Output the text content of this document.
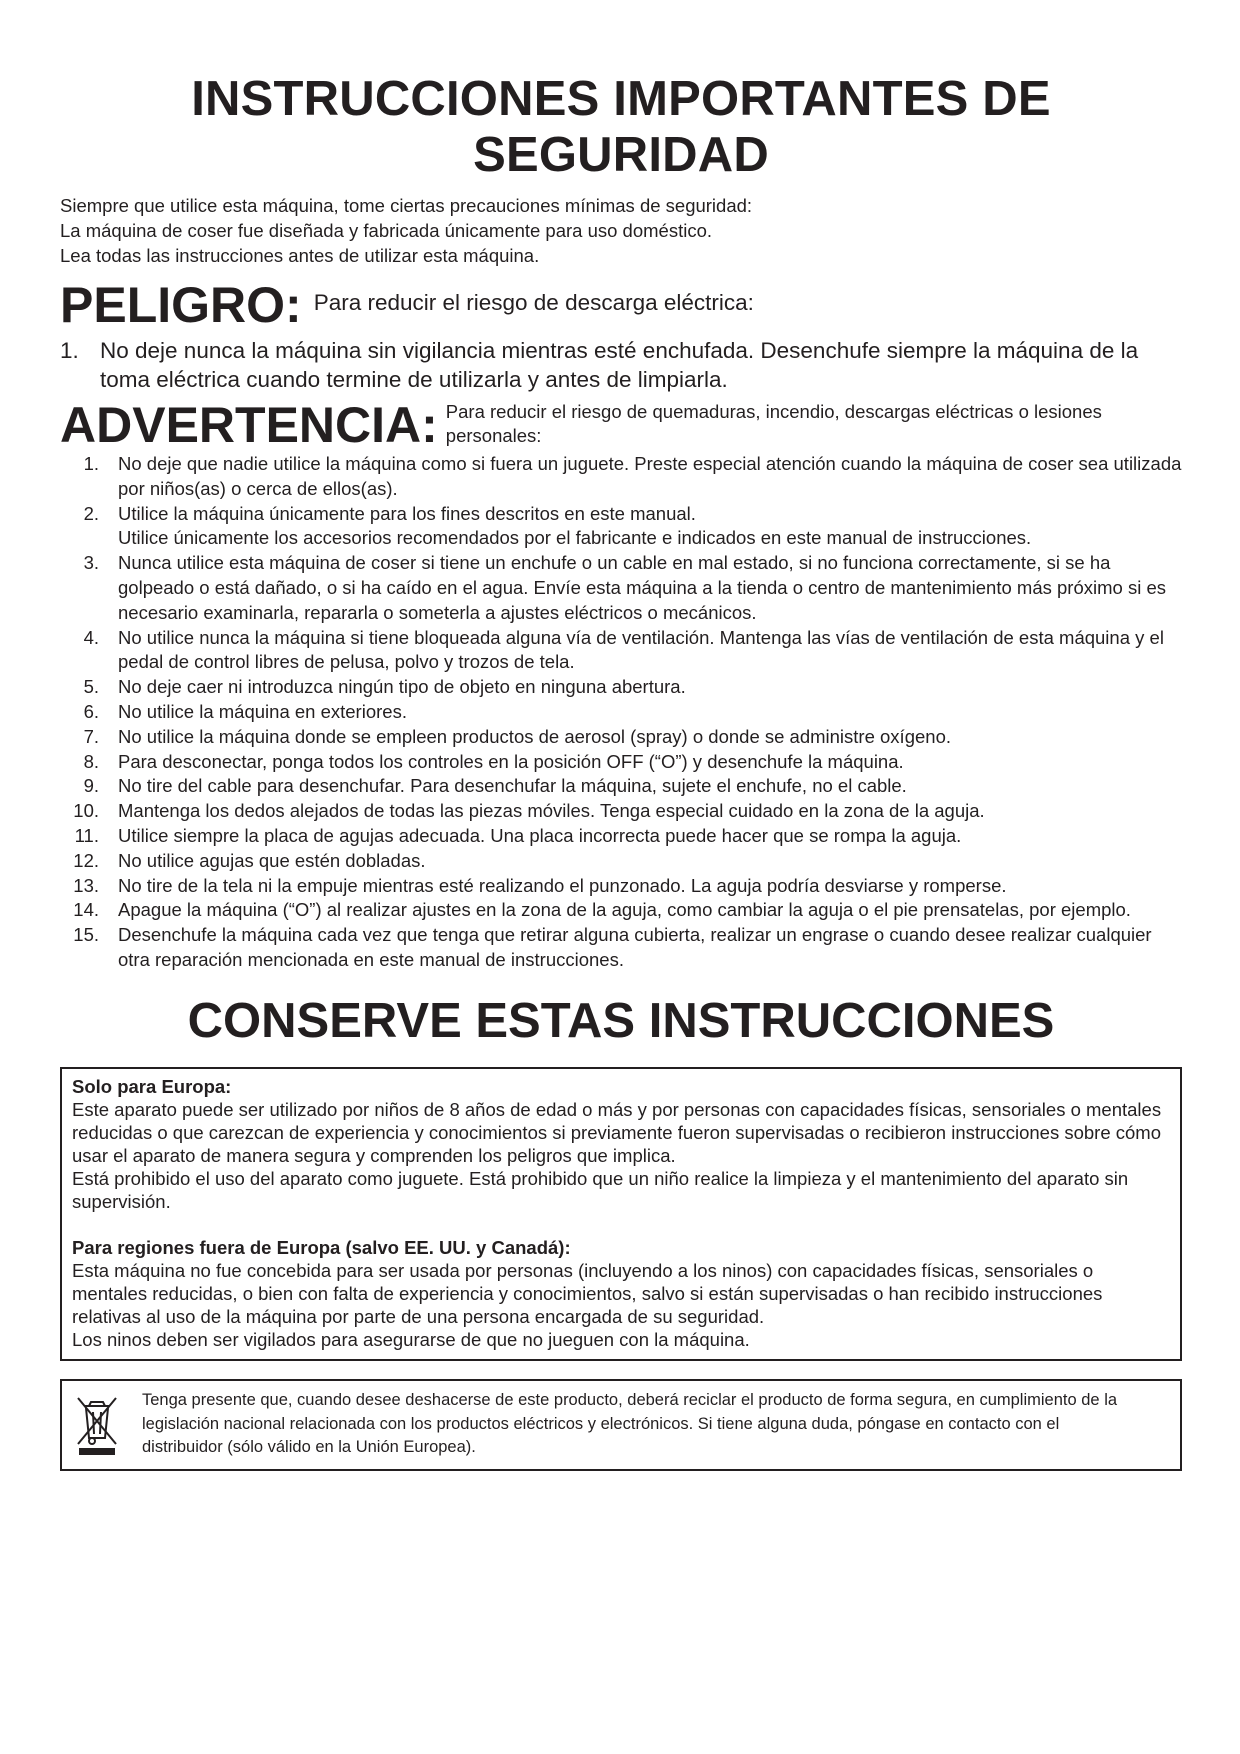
INSTRUCCIONES IMPORTANTES DE SEGURIDAD
Siempre que utilice esta máquina, tome ciertas precauciones mínimas de seguridad:
La máquina de coser fue diseñada y fabricada únicamente para uso doméstico.
Lea todas las instrucciones antes de utilizar esta máquina.
PELIGRO: Para reducir el riesgo de descarga eléctrica:
1. No deje nunca la máquina sin vigilancia mientras esté enchufada. Desenchufe siempre la máquina de la toma eléctrica cuando termine de utilizarla y antes de limpiarla.
ADVERTENCIA: Para reducir el riesgo de quemaduras, incendio, descargas eléctricas o lesiones personales:
1. No deje que nadie utilice la máquina como si fuera un juguete. Preste especial atención cuando la máquina de coser sea utilizada por niños(as) o cerca de ellos(as).
2. Utilice la máquina únicamente para los fines descritos en este manual.
Utilice únicamente los accesorios recomendados por el fabricante e indicados en este manual de instrucciones.
3. Nunca utilice esta máquina de coser si tiene un enchufe o un cable en mal estado, si no funciona correctamente, si se ha golpeado o está dañado, o si ha caído en el agua. Envíe esta máquina a la tienda o centro de mantenimiento más próximo si es necesario examinarla, repararla o someterla a ajustes eléctricos o mecánicos.
4. No utilice nunca la máquina si tiene bloqueada alguna vía de ventilación. Mantenga las vías de ventilación de esta máquina y el pedal de control libres de pelusa, polvo y trozos de tela.
5. No deje caer ni introduzca ningún tipo de objeto en ninguna abertura.
6. No utilice la máquina en exteriores.
7. No utilice la máquina donde se empleen productos de aerosol (spray) o donde se administre oxígeno.
8. Para desconectar, ponga todos los controles en la posición OFF (“O”) y desenchufe la máquina.
9. No tire del cable para desenchufar. Para desenchufar la máquina, sujete el enchufe, no el cable.
10. Mantenga los dedos alejados de todas las piezas móviles. Tenga especial cuidado en la zona de la aguja.
11. Utilice siempre la placa de agujas adecuada. Una placa incorrecta puede hacer que se rompa la aguja.
12. No utilice agujas que estén dobladas.
13. No tire de la tela ni la empuje mientras esté realizando el punzonado. La aguja podría desviarse y romperse.
14. Apague la máquina (“O”) al realizar ajustes en la zona de la aguja, como cambiar la aguja o el pie prensatelas, por ejemplo.
15. Desenchufe la máquina cada vez que tenga que retirar alguna cubierta, realizar un engrase o cuando desee realizar cualquier otra reparación mencionada en este manual de instrucciones.
CONSERVE ESTAS INSTRUCCIONES
Solo para Europa:
Este aparato puede ser utilizado por niños de 8 años de edad o más y por personas con capacidades físicas, sensoriales o mentales reducidas o que carezcan de experiencia y conocimientos si previamente fueron supervisadas o recibieron instrucciones sobre cómo usar el aparato de manera segura y comprenden los peligros que implica.
Está prohibido el uso del aparato como juguete. Está prohibido que un niño realice la limpieza y el mantenimiento del aparato sin supervisión.
Para regiones fuera de Europa (salvo EE. UU. y Canadá):
Esta máquina no fue concebida para ser usada por personas (incluyendo a los ninos) con capacidades físicas, sensoriales o mentales reducidas, o bien con falta de experiencia y conocimientos, salvo si están supervisadas o han recibido instrucciones relativas al uso de la máquina por parte de una persona encargada de su seguridad.
Los ninos deben ser vigilados para asegurarse de que no jueguen con la máquina.
Tenga presente que, cuando desee deshacerse de este producto, deberá reciclar el producto de forma segura, en cumplimiento de la legislación nacional relacionada con los productos eléctricos y electrónicos. Si tiene alguna duda, póngase en contacto con el distribuidor (sólo válido en la Unión Europea).
